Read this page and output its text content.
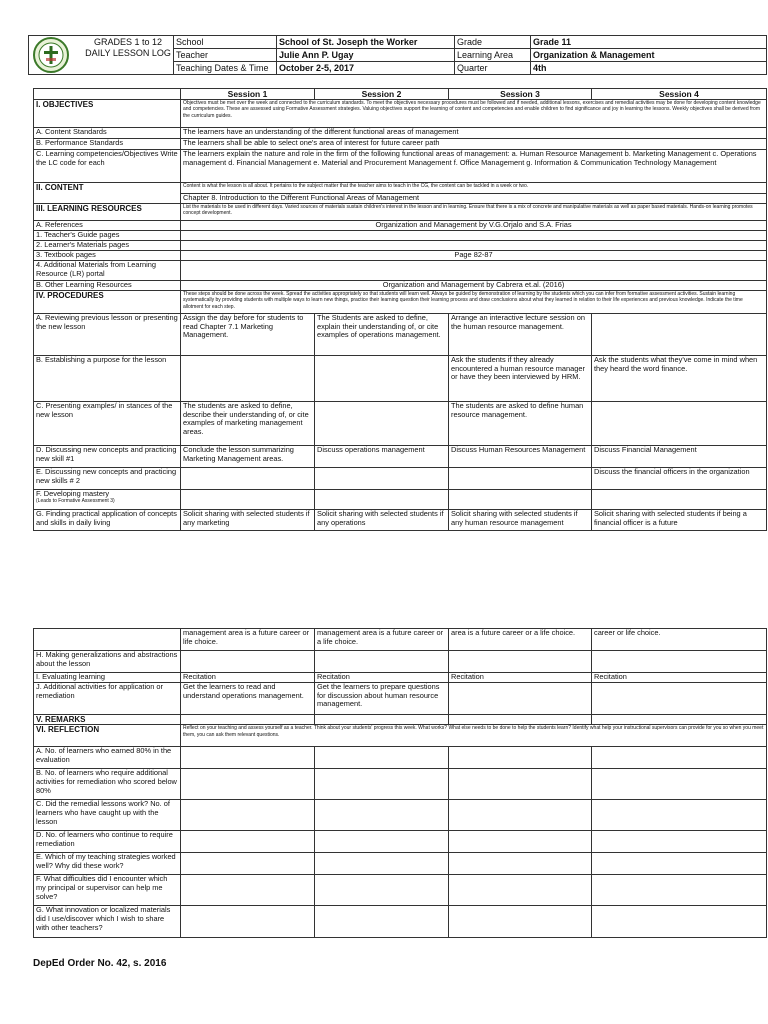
GRADES 1 to 12
DAILY LESSON LOG	School	School of St. Joseph the Worker	Grade	Grade 11
	Teacher	Julie Ann P. Ugay	Learning Area	Organization & Management
	Teaching Dates & Time	October 2-5, 2017	Quarter	4th
	Session 1	Session 2	Session 3	Session 4
I. OBJECTIVES	Objectives must be met over the week and connected to the curriculum standards. To meet the objectives necessary procedures must be followed and if needed, additional lessons, exercises and remedial activities may be done for developing content knowledge and competencies. These are assessed using Formative Assessment strategies. Valuing objectives support the learning of content and competencies and enable children to find significance and joy in learning the lessons. Weekly objectives shall be derived from the curriculum guides.			
A. Content Standards	The learners have an understanding of the different functional areas of management			
B. Performance Standards	The learners shall be able to select one's area of interest for future career path			
C. Learning competencies/Objectives Write the LC code for each	The learners explain the nature and role in the firm of the following functional areas of management: a. Human Resource Management b. Marketing Management c. Operations management d. Financial Management e. Material and Procurement Management f. Office Management g. Information & Communication Technology Management			
II. CONTENT	Content is what the lesson is all about. It pertains to the subject matter that the teacher aims to teach in the CG, the content can be tackled in a week or two.			
	Chapter 8. Introduction to the Different Functional Areas of Management			
III. LEARNING RESOURCES	List the materials to be used in different days. Varied sources of materials sustain children's interest in the lesson and in learning. Ensure that there is a mix of concrete and manipulative materials as well as paper based materials. Hands-on learning promotes concept development.			
A. References	Organization and Management by V.G.Orjalo and S.A. Frias			
1. Teacher's Guide pages				
2. Learner's Materials pages				
3. Textbook pages	Page 82-87			
4. Additional Materials from Learning Resource (LR) portal				
B. Other Learning Resources	Organization and Management by Cabrera et.al. (2016)			
IV. PROCEDURES	These steps should be done across the week. Spread the activities appropriately so that students will learn well. Always be guided by demonstration of learning by the students which you can infer from formative assessment activities. Sustain learning systematically by providing students with multiple ways to learn new things, practice their learning question their learning process and draw conclusions about what they learned in relation to their life experiences and previous knowledge. Indicate the time allotment for each step.			
A. Reviewing previous lesson or presenting the new lesson	Assign the day before for students to read Chapter 7.1 Marketing Management.	The Students are asked to define, explain their understanding of, or cite examples of operations management.	Arrange an interactive lecture session on the human resource management.	
B. Establishing a purpose for the lesson			Ask the students if they already encountered a human resource manager or have they been interviewed by HRM.	Ask the students what they've come in mind when they heard the word finance.
C. Presenting examples/ in stances of the new lesson	The students are asked to define, describe their understanding of, or cite examples of marketing management areas.		The students are asked to define human resource management.	
D. Discussing new concepts and practicing new skill #1	Conclude the lesson summarizing Marketing Management areas.	Discuss operations management	Discuss Human Resources Management	Discuss Financial Management
E. Discussing new concepts and practicing new skills # 2				Discuss the financial officers in the organization

F. Developing mastery
(Leads to Formative Assessment 3)				

G. Finding practical application of concepts and skills in daily living	Solicit sharing with selected students if any marketing	Solicit sharing with selected students if any operations	Solicit sharing with selected students if any human resource management	Solicit sharing with selected students if being a financial officer is a future
	management area is a future career or life choice.	management area is a future career or a life choice.	area is a future career or a life choice.	career or life choice.
H. Making generalizations and abstractions about the lesson				
I. Evaluating learning	Recitation	Recitation	Recitation	Recitation
J. Additional activities for application or remediation	Get the learners to read and understand operations management.	Get the learners to prepare questions for discussion about human resource management.		
V. REMARKS				
VI. REFLECTION	Reflect on your teaching and assess yourself as a teacher. Think about your students' progress this week. What works? What else needs to be done to help the students learn? Identify what help your instructional supervisors can provide for you so when you meet them, you can ask them relevant questions.			
A. No. of learners who earned 80% in the evaluation				
B. No. of learners who require additional activities for remediation who scored below 80%				
C. Did the remedial lessons work? No. of learners who have caught up with the lesson				
D. No. of learners who continue to require remediation				
E. Which of my teaching strategies worked well? Why did these work?				
F. What difficulties did I encounter which my principal or supervisor can help me solve?				
G. What innovation or localized materials did I use/discover which I wish to share with other teachers?				
DepEd Order No. 42, s. 2016
